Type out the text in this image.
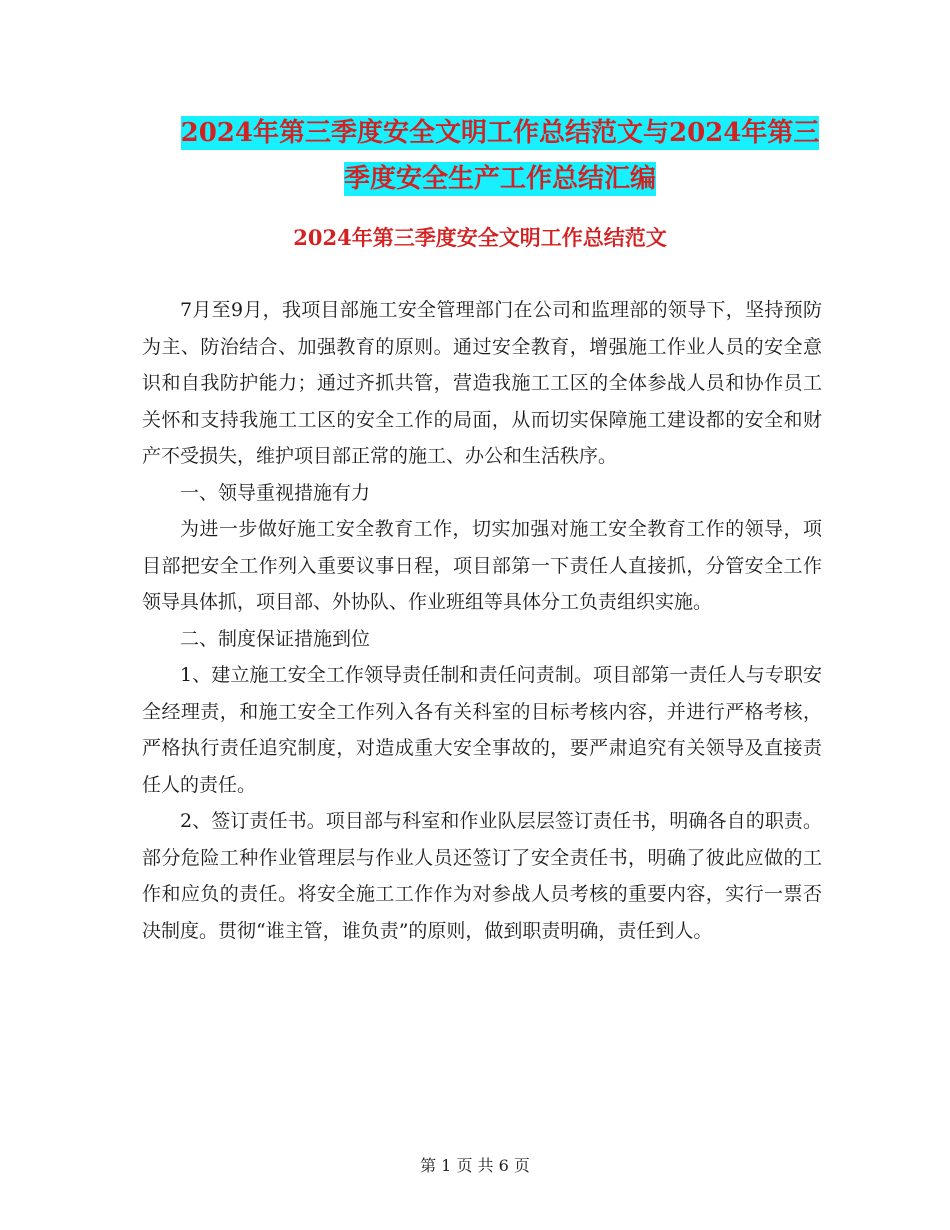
2024年第三季度安全文明工作总结范文与2024年第三
季度安全生产工作总结汇编
2024年第三季度安全文明工作总结范文

7月至9月，我项目部施工安全管理部门在公司和监理部的领导下，坚持预防为主、防治结合、加强教育的原则。通过安全教育，增强施工作业人员的安全意识和自我防护能力；通过齐抓共管，营造我施工工区的全体参战人员和协作员工关怀和支持我施工工区的安全工作的局面，从而切实保障施工建设都的安全和财产不受损失，维护项目部正常的施工、办公和生活秩序。

一、领导重视措施有力

为进一步做好施工安全教育工作，切实加强对施工安全教育工作的领导，项目部把安全工作列入重要议事日程，项目部第一下责任人直接抓，分管安全工作领导具体抓，项目部、外协队、作业班组等具体分工负责组织实施。

二、制度保证措施到位

1、建立施工安全工作领导责任制和责任问责制。项目部第一责任人与专职安全经理责，和施工安全工作列入各有关科室的目标考核内容，并进行严格考核，严格执行责任追究制度，对造成重大安全事故的，要严肃追究有关领导及直接责任人的责任。

2、签订责任书。项目部与科室和作业队层层签订责任书，明确各自的职责。部分危险工种作业管理层与作业人员还签订了安全责任书，明确了彼此应做的工作和应负的责任。将安全施工工作作为对参战人员考核的重要内容，实行一票否决制度。贯彻“谁主管，谁负责”的原则，做到职责明确，责任到人。

第 1 页 共 6 页
